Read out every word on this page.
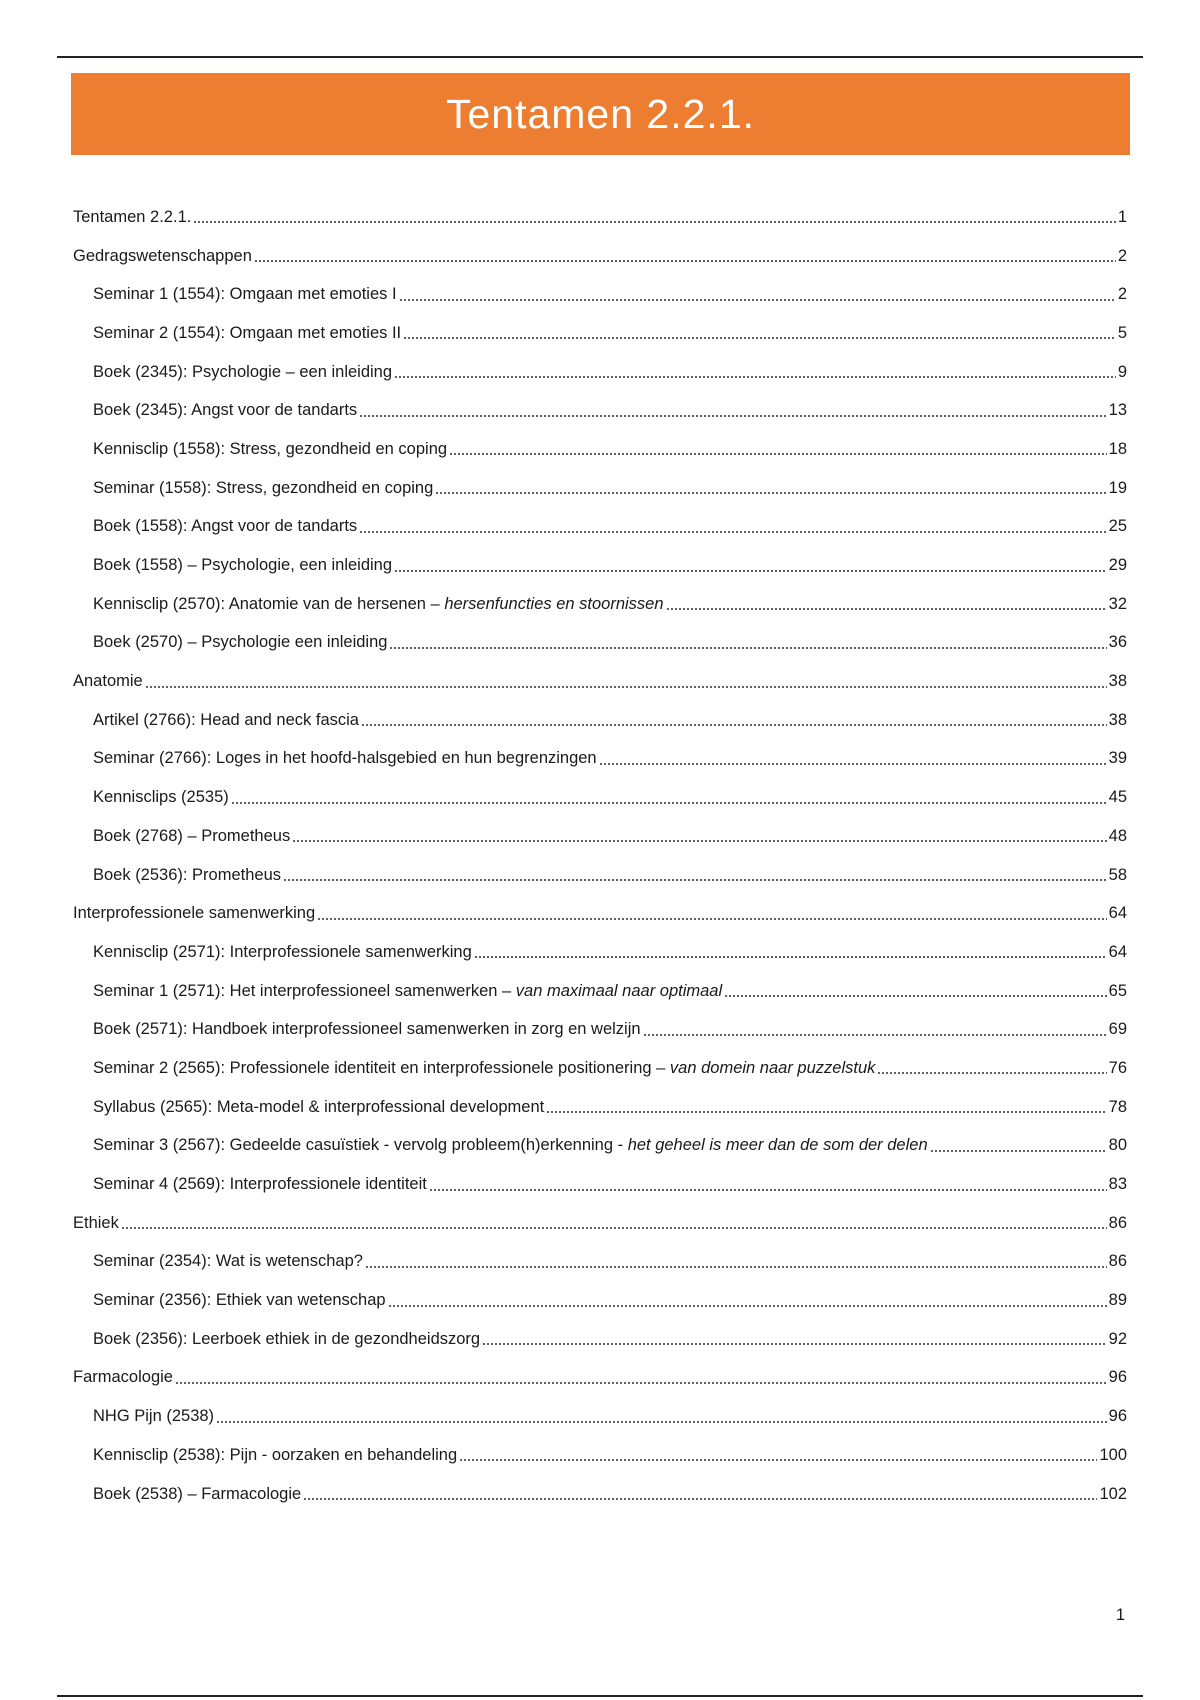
Tentamen 2.2.1.
Tentamen 2.2.1.	1
Gedragswetenschappen	2
Seminar 1 (1554): Omgaan met emoties I	2
Seminar 2 (1554): Omgaan met emoties II	5
Boek (2345): Psychologie – een inleiding	9
Boek (2345): Angst voor de tandarts	13
Kennisclip (1558): Stress, gezondheid en coping	18
Seminar (1558): Stress, gezondheid en coping	19
Boek (1558): Angst voor de tandarts	25
Boek (1558) – Psychologie, een inleiding	29
Kennisclip (2570): Anatomie van de hersenen – hersenfuncties en stoornissen	32
Boek (2570) – Psychologie een inleiding	36
Anatomie	38
Artikel (2766): Head and neck fascia	38
Seminar (2766): Loges in het hoofd-halsgebied en hun begrenzingen	39
Kennisclips (2535)	45
Boek (2768) – Prometheus	48
Boek (2536): Prometheus	58
Interprofessionele samenwerking	64
Kennisclip (2571): Interprofessionele samenwerking	64
Seminar 1 (2571): Het interprofessioneel samenwerken – van maximaal naar optimaal	65
Boek (2571): Handboek interprofessioneel samenwerken in zorg en welzijn	69
Seminar 2 (2565): Professionele identiteit en interprofessionele positionering – van domein naar puzzelstuk	76
Syllabus (2565): Meta-model & interprofessional development	78
Seminar 3 (2567): Gedeelde casuïstiek - vervolg probleem(h)erkenning - het geheel is meer dan de som der delen	80
Seminar 4 (2569): Interprofessionele identiteit	83
Ethiek	86
Seminar (2354): Wat is wetenschap?	86
Seminar (2356): Ethiek van wetenschap	89
Boek (2356): Leerboek ethiek in de gezondheidszorg	92
Farmacologie	96
NHG Pijn (2538)	96
Kennisclip (2538): Pijn - oorzaken en behandeling	100
Boek (2538) – Farmacologie	102
1
